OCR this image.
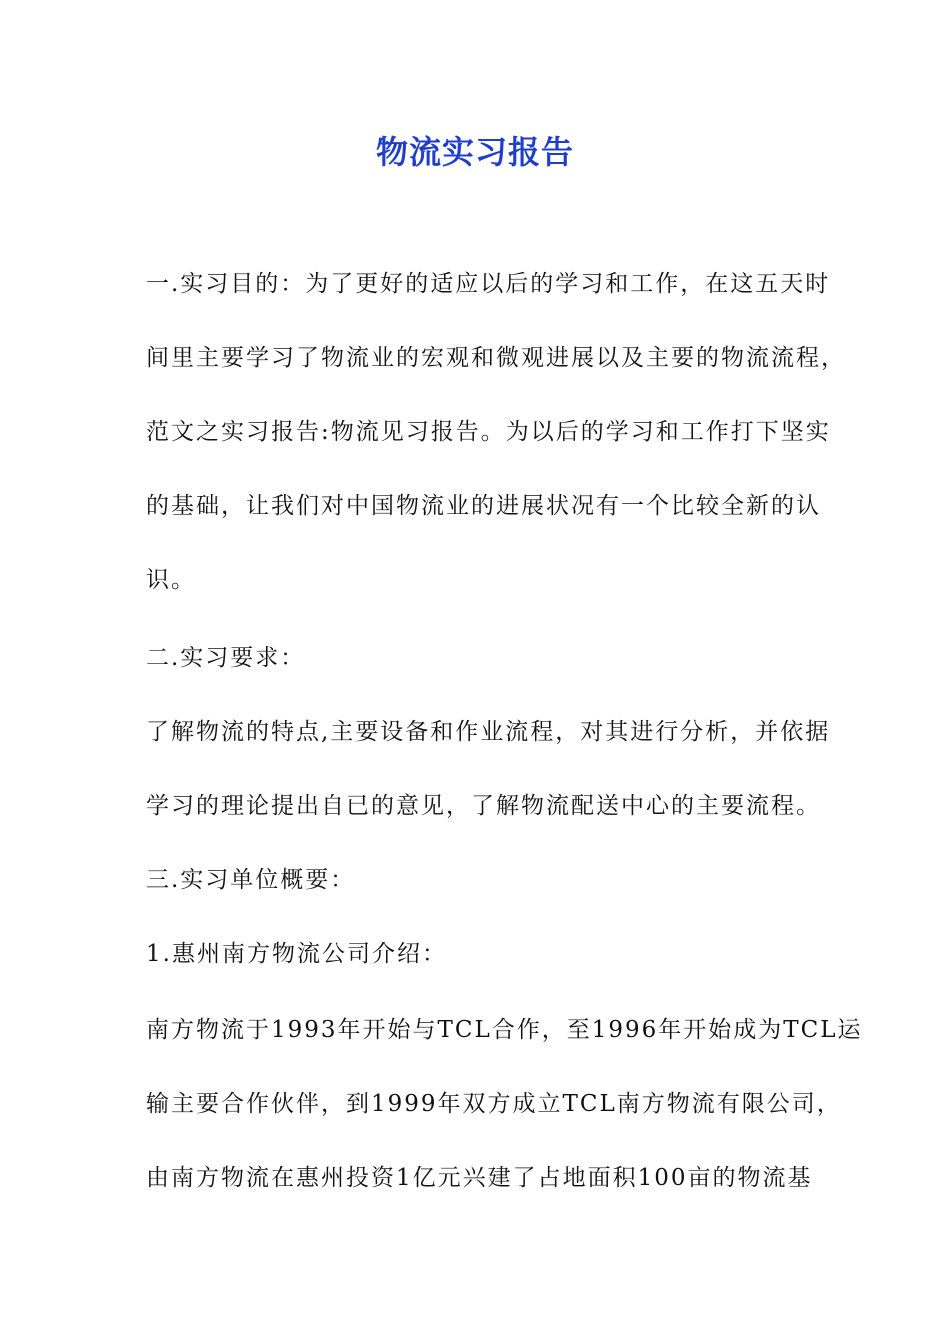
物流实习报告
一.实习目的：为了更好的适应以后的学习和工作，在这五天时
间里主要学习了物流业的宏观和微观进展以及主要的物流流程，
范文之实习报告:物流见习报告。为以后的学习和工作打下坚实
的基础，让我们对中国物流业的进展状况有一个比较全新的认
识。
二.实习要求：
了解物流的特点,主要设备和作业流程，对其进行分析，并依据
学习的理论提出自已的意见，了解物流配送中心的主要流程。
三.实习单位概要：
1.惠州南方物流公司介绍：
南方物流于1993年开始与TCL合作，至1996年开始成为TCL运
输主要合作伙伴，到1999年双方成立TCL南方物流有限公司，
由南方物流在惠州投资1亿元兴建了占地面积100亩的物流基
